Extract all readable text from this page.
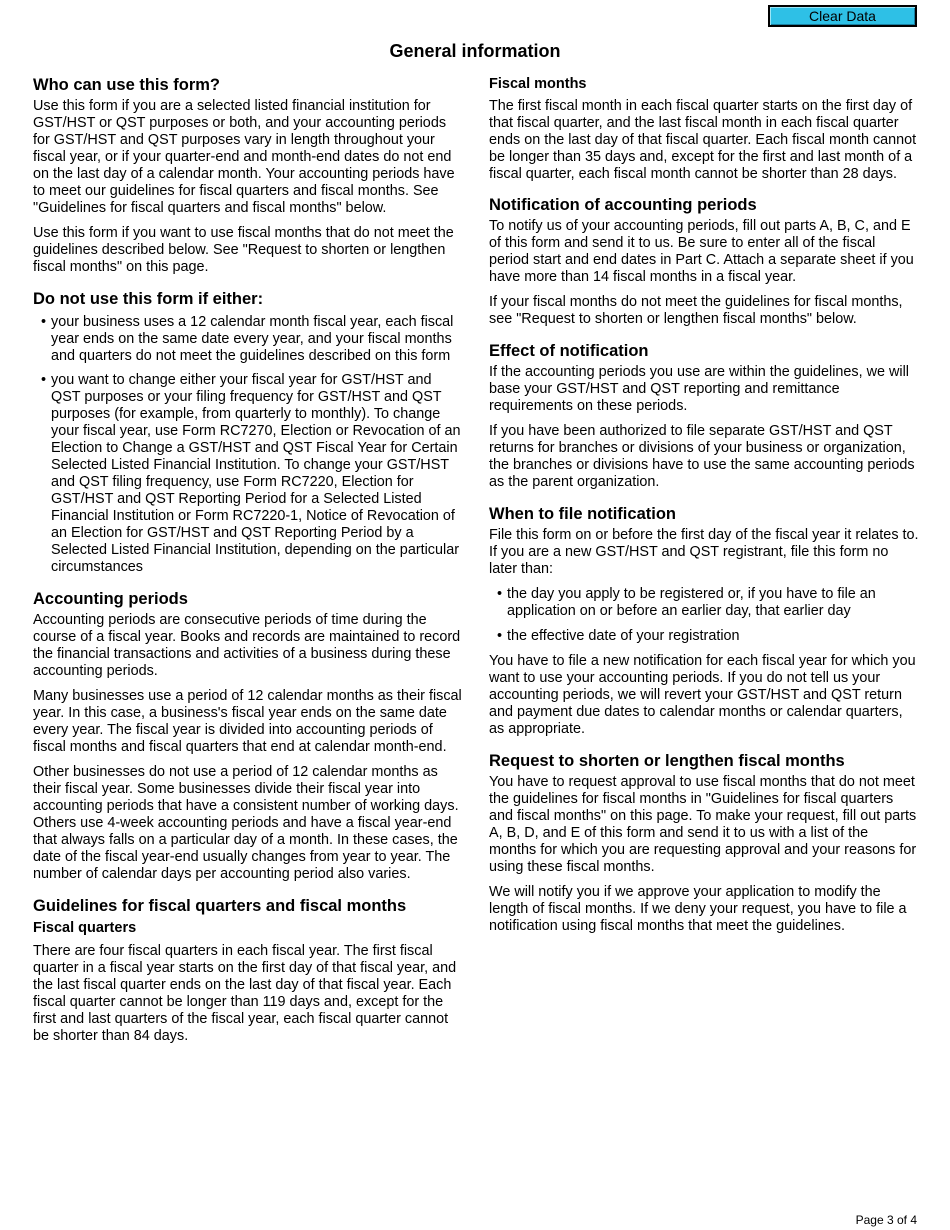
Clear Data
General information
Who can use this form?

Use this form if you are a selected listed financial institution for GST/HST or QST purposes or both, and your accounting periods for GST/HST and QST purposes vary in length throughout your fiscal year, or if your quarter-end and month-end dates do not end on the last day of a calendar month. Your accounting periods have to meet our guidelines for fiscal quarters and fiscal months. See "Guidelines for fiscal quarters and fiscal months" below.

Use this form if you want to use fiscal months that do not meet the guidelines described below. See "Request to shorten or lengthen fiscal months" on this page.

Do not use this form if either:
• your business uses a 12 calendar month fiscal year, each fiscal year ends on the same date every year, and your fiscal months and quarters do not meet the guidelines described on this form
• you want to change either your fiscal year for GST/HST and QST purposes or your filing frequency for GST/HST and QST purposes (for example, from quarterly to monthly). To change your fiscal year, use Form RC7270, Election or Revocation of an Election to Change a GST/HST and QST Fiscal Year for Certain Selected Listed Financial Institution. To change your GST/HST and QST filing frequency, use Form RC7220, Election for GST/HST and QST Reporting Period for a Selected Listed Financial Institution or Form RC7220-1, Notice of Revocation of an Election for GST/HST and QST Reporting Period by a Selected Listed Financial Institution, depending on the particular circumstances
Accounting periods

Accounting periods are consecutive periods of time during the course of a fiscal year. Books and records are maintained to record the financial transactions and activities of a business during these accounting periods.

Many businesses use a period of 12 calendar months as their fiscal year. In this case, a business's fiscal year ends on the same date every year. The fiscal year is divided into accounting periods of fiscal months and fiscal quarters that end at calendar month-end.

Other businesses do not use a period of 12 calendar months as their fiscal year. Some businesses divide their fiscal year into accounting periods that have a consistent number of working days. Others use 4-week accounting periods and have a fiscal year-end that always falls on a particular day of a month. In these cases, the date of the fiscal year-end usually changes from year to year. The number of calendar days per accounting period also varies.

Guidelines for fiscal quarters and fiscal months
Fiscal quarters

There are four fiscal quarters in each fiscal year. The first fiscal quarter in a fiscal year starts on the first day of that fiscal year, and the last fiscal quarter ends on the last day of that fiscal year. Each fiscal quarter cannot be longer than 119 days and, except for the first and last quarters of the fiscal year, each fiscal quarter cannot be shorter than 84 days.

Fiscal months

The first fiscal month in each fiscal quarter starts on the first day of that fiscal quarter, and the last fiscal month in each fiscal quarter ends on the last day of that fiscal quarter. Each fiscal month cannot be longer than 35 days and, except for the first and last month of a fiscal quarter, each fiscal month cannot be shorter than 28 days.

Notification of accounting periods

To notify us of your accounting periods, fill out parts A, B, C, and E of this form and send it to us. Be sure to enter all of the fiscal period start and end dates in Part C. Attach a separate sheet if you have more than 14 fiscal months in a fiscal year.

If your fiscal months do not meet the guidelines for fiscal months, see "Request to shorten or lengthen fiscal months" below.

Effect of notification

If the accounting periods you use are within the guidelines, we will base your GST/HST and QST reporting and remittance requirements on these periods.

If you have been authorized to file separate GST/HST and QST returns for branches or divisions of your business or organization, the branches or divisions have to use the same accounting periods as the parent organization.

When to file notification

File this form on or before the first day of the fiscal year it relates to. If you are a new GST/HST and QST registrant, file this form no later than:

• the day you apply to be registered or, if you have to file an application on or before an earlier day, that earlier day
• the effective date of your registration

You have to file a new notification for each fiscal year for which you want to use your accounting periods. If you do not tell us your accounting periods, we will revert your GST/HST and QST return and payment due dates to calendar months or calendar quarters, as appropriate.

Request to shorten or lengthen fiscal months

You have to request approval to use fiscal months that do not meet the guidelines for fiscal months in "Guidelines for fiscal quarters and fiscal months" on this page. To make your request, fill out parts A, B, D, and E of this form and send it to us with a list of the months for which you are requesting approval and your reasons for using these fiscal months.

We will notify you if we approve your application to modify the length of fiscal months. If we deny your request, you have to file a notification using fiscal months that meet the guidelines.

Page 3 of 4
